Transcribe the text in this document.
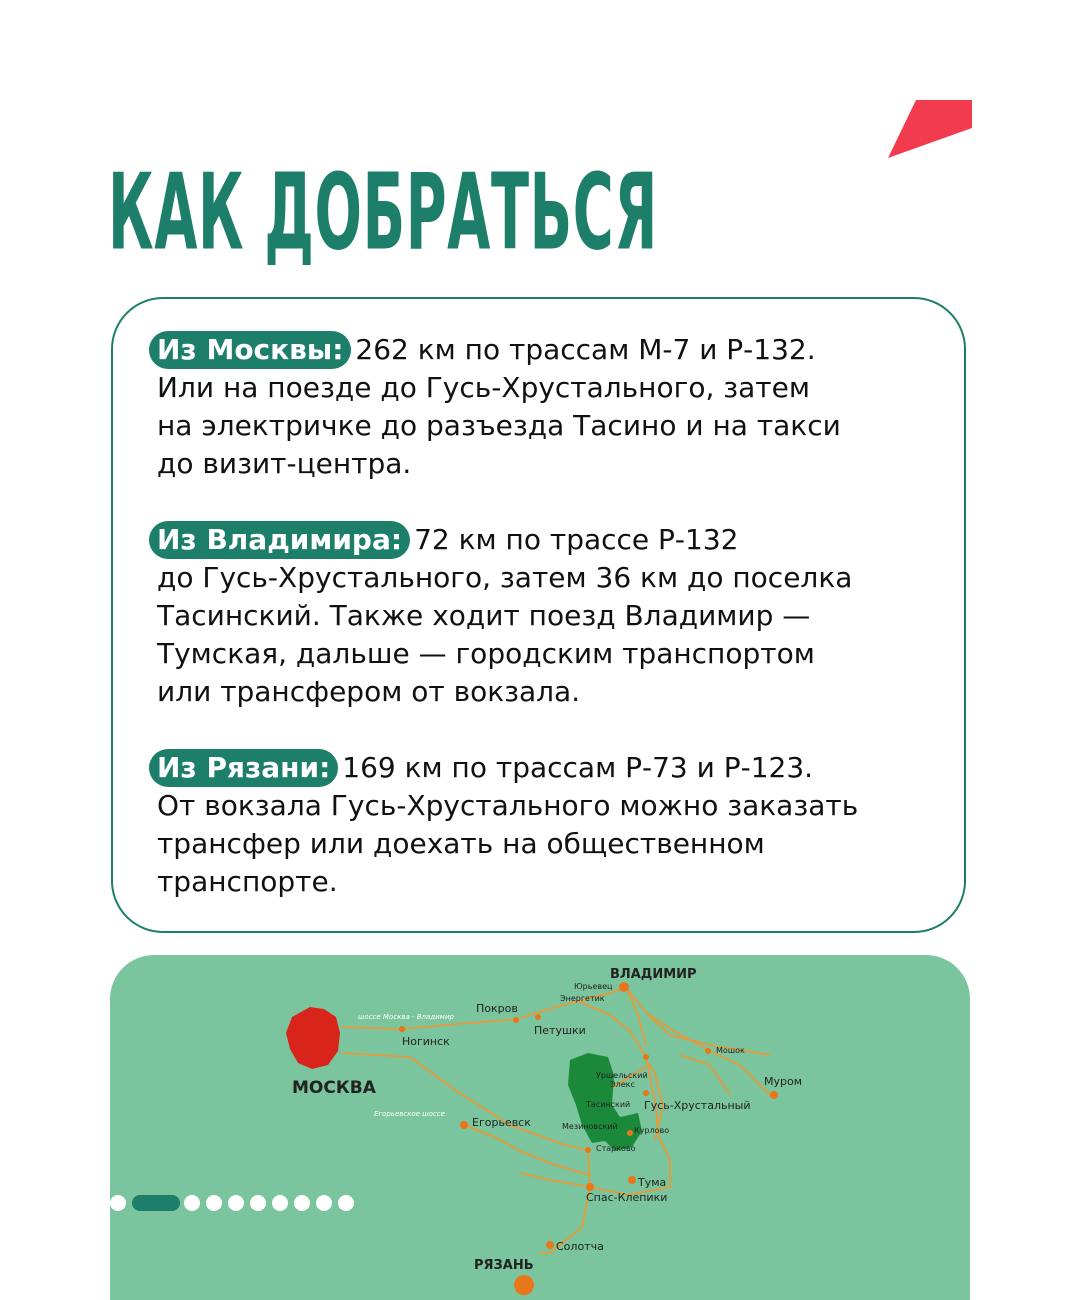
КАК ДОБРАТЬСЯ

Из Москвы: 262 км по трассам М-7 и Р-132.

Или на поезде до Гусь-Хрустального, затем

на электричке до разъезда Тасино и на такси

до визит-центра.

Из Владимира: 72 км по трассе Р-132

до Гусь-Хрустального, затем 36 км до поселка

Тасинский. Также ходит поезд Владимир —

Тумская, дальше — городским транспортом

или трансфером от вокзала.

Из Рязани: 169 км по трассам Р-73 и Р-123.

От вокзала Гусь-Хрустального можно заказать

трансфер или доехать на общественном

транспорте.

ВЛАДИМИР
Юрьевец
Энергетик
Покров
Петушки
Ногинск
МОСКВА
Мошок
Муром
Уршельский
Элекс
Тасинский Гусь-Хрустальный
Егорьевск	Мезиновский Курлово
Старково
Тума
Спас-Клепики
Солотча
РЯЗАНЬ
шоссе Москва - Владимир
Егорьевское шоссе
